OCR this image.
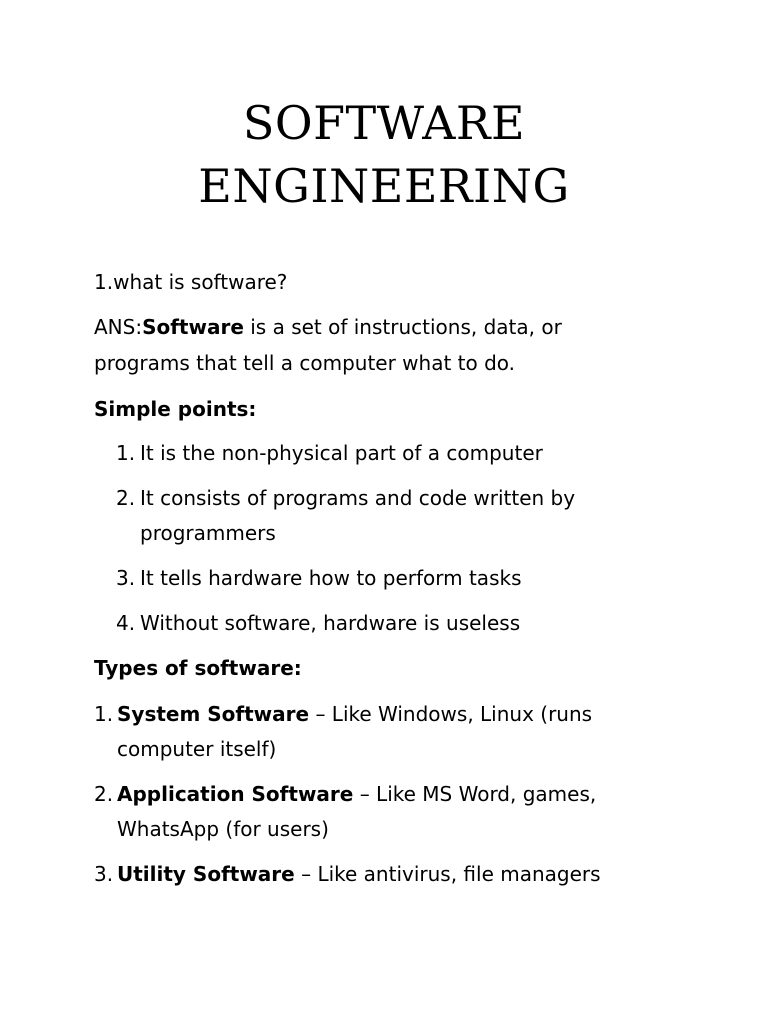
SOFTWARE
ENGINEERING
1.what is software?
ANS:Software is a set of instructions, data, or
programs that tell a computer what to do.
Simple points:
1. It is the non-physical part of a computer
2. It consists of programs and code written by
programmers
3. It tells hardware how to perform tasks
4. Without software, hardware is useless
Types of software:
1. System Software – Like Windows, Linux (runs
computer itself)
2. Application Software – Like MS Word, games,
WhatsApp (for users)
3. Utility Software – Like antivirus, file managers
